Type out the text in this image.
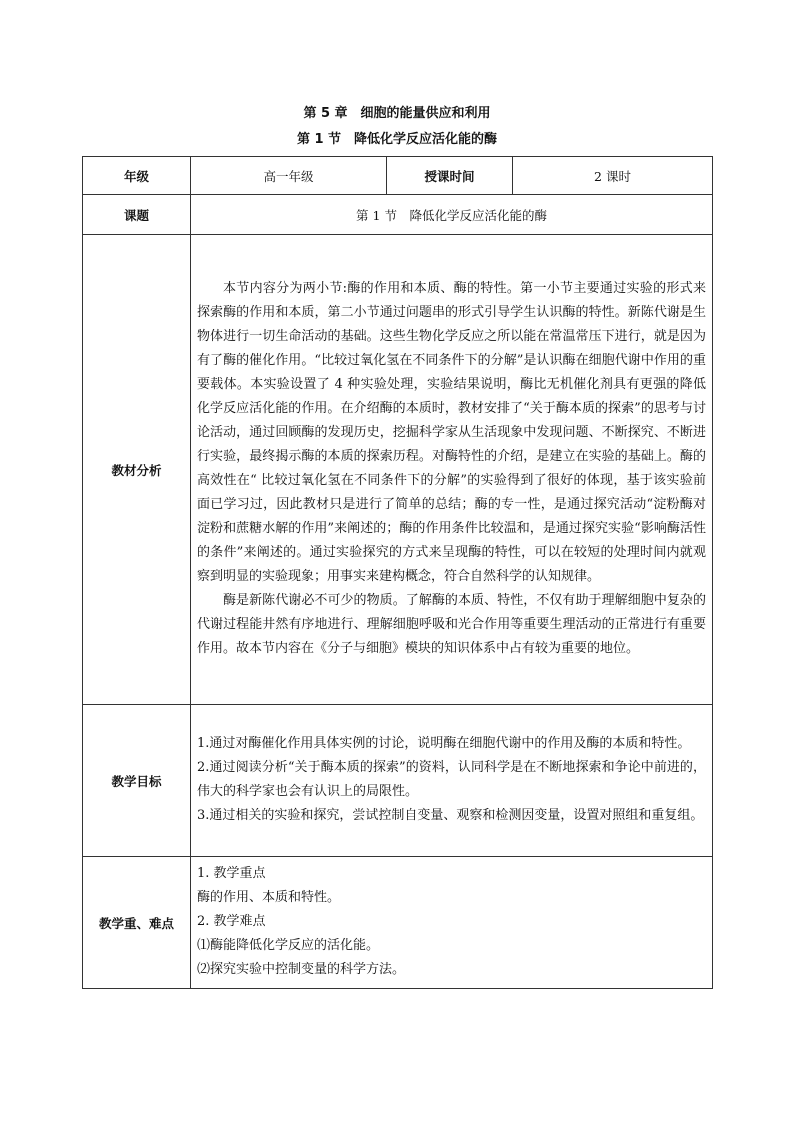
第 5 章　细胞的能量供应和利用
第 1 节　降低化学反应活化能的酶
年级	高一年级	授课时间	2 课时
课题	第 1 节　降低化学反应活化能的酶		
教材分析	本节内容分为两小节:酶的作用和本质、酶的特性。第一小节主要通过实验的形式来探索酶的作用和本质，第二小节通过问题串的形式引导学生认识酶的特性。新陈代谢是生物体进行一切生命活动的基础。这些生物化学反应之所以能在常温常压下进行，就是因为有了酶的催化作用。“比较过氧化氢在不同条件下的分解”是认识酶在细胞代谢中作用的重要载体。本实验设置了 4 种实验处理，实验结果说明，酶比无机催化剂具有更强的降低化学反应活化能的作用。在介绍酶的本质时，教材安排了“关于酶本质的探索”的思考与讨论活动，通过回顾酶的发现历史，挖掘科学家从生活现象中发现问题、不断探究、不断进行实验，最终揭示酶的本质的探索历程。对酶特性的介绍，是建立在实验的基础上。酶的高效性在“ 比较过氧化氢在不同条件下的分解”的实验得到了很好的体现，基于该实验前面已学习过，因此教材只是进行了简单的总结；酶的专一性，是通过探究活动“淀粉酶对淀粉和蔗糖水解的作用”来阐述的；酶的作用条件比较温和，是通过探究实验“影响酶活性的条件”来阐述的。通过实验探究的方式来呈现酶的特性，可以在较短的处理时间内就观察到明显的实验现象；用事实来建构概念，符合自然科学的认知规律。

酶是新陈代谢必不可少的物质。了解酶的本质、特性，不仅有助于理解细胞中复杂的代谢过程能井然有序地进行、理解细胞呼吸和光合作用等重要生理活动的正常进行有重要作用。故本节内容在《分子与细胞》模块的知识体系中占有较为重要的地位。		

教学目标	1.通过对酶催化作用具体实例的讨论，说明酶在细胞代谢中的作用及酶的本质和特性。

2.通过阅读分析“关于酶本质的探索”的资料，认同科学是在不断地探索和争论中前进的，伟大的科学家也会有认识上的局限性。

3.通过相关的实验和探究，尝试控制自变量、观察和检测因变量，设置对照组和重复组。		

教学重、难点	1. 教学重点

酶的作用、本质和特性。

2. 教学难点

⑴酶能降低化学反应的活化能。

⑵探究实验中控制变量的科学方法。		
